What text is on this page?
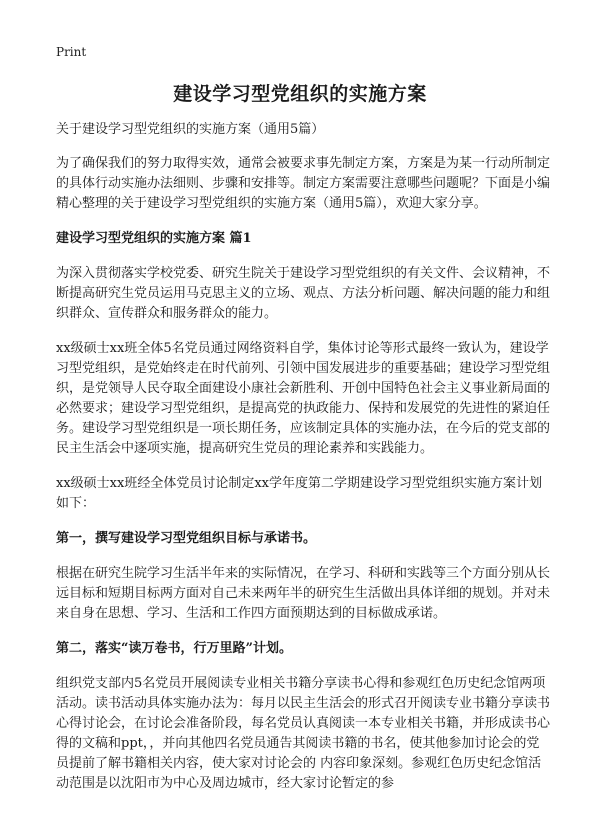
Print
建设学习型党组织的实施方案

关于建设学习型党组织的实施方案（通用5篇）

为了确保我们的努力取得实效，通常会被要求事先制定方案，方案是为某一行动所制定的具体行动实施办法细则、步骤和安排等。制定方案需要注意哪些问题呢？下面是小编精心整理的关于建设学习型党组织的实施方案（通用5篇），欢迎大家分享。

建设学习型党组织的实施方案 篇1

为深入贯彻落实学校党委、研究生院关于建设学习型党组织的有关文件、会议精神，不断提高研究生党员运用马克思主义的立场、观点、方法分析问题、解决问题的能力和组织群众、宣传群众和服务群众的能力。

xx级硕士xx班全体5名党员通过网络资料自学，集体讨论等形式最终一致认为，建设学习型党组织，是党始终走在时代前列、引领中国发展进步的重要基础；建设学习型党组织，是党领导人民夺取全面建设小康社会新胜利、开创中国特色社会主义事业新局面的必然要求；建设学习型党组织，是提高党的执政能力、保持和发展党的先进性的紧迫任务。建设学习型党组织是一项长期任务，应该制定具体的实施办法，在今后的党支部的民主生活会中逐项实施，提高研究生党员的理论素养和实践能力。

xx级硕士xx班经全体党员讨论制定xx学年度第二学期建设学习型党组织实施方案计划如下：

第一，撰写建设学习型党组织目标与承诺书。

根据在研究生院学习生活半年来的实际情况，在学习、科研和实践等三个方面分别从长远目标和短期目标两方面对自己未来两年半的研究生生活做出具体详细的规划。并对未来自身在思想、学习、生活和工作四方面预期达到的目标做成承诺。

第二，落实“读万卷书，行万里路”计划。

组织党支部内5名党员开展阅读专业相关书籍分享读书心得和参观红色历史纪念馆两项活动。读书活动具体实施办法为：每月以民主生活会的形式召开阅读专业书籍分享读书心得讨论会，在讨论会准备阶段，每名党员认真阅读一本专业相关书籍，并形成读书心得的文稿和ppt，，并向其他四名党员通告其阅读书籍的书名，使其他参加讨论会的党员提前了解书籍相关内容，使大家对讨论会的 内容印象深刻。参观红色历史纪念馆活动范围是以沈阳市为中心及周边城市，经大家讨论暂定的参
